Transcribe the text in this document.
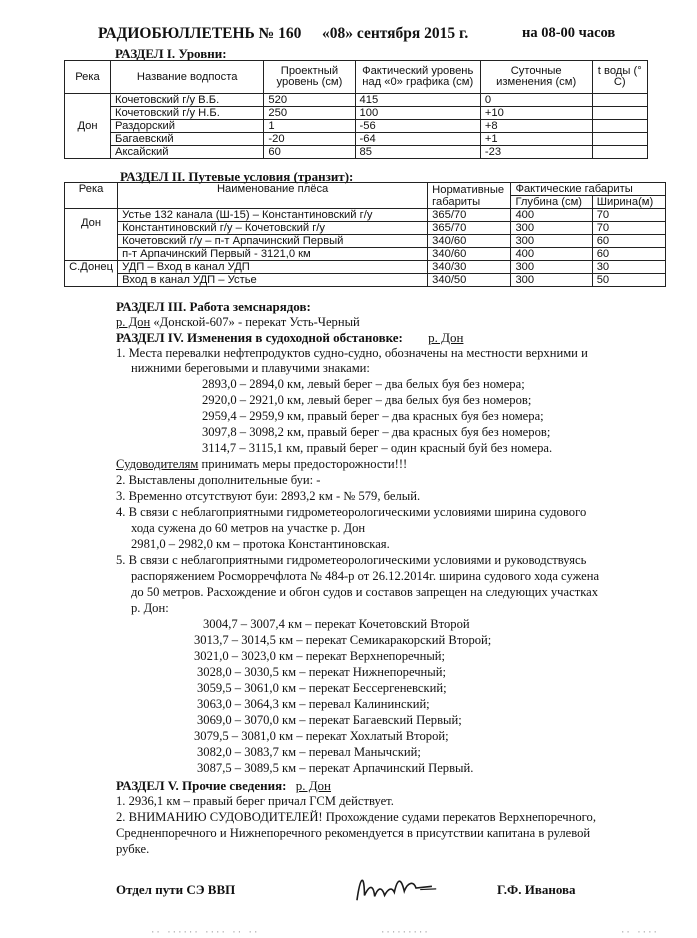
РАДИОБЮЛЛЕТЕНЬ № 160 «08» сентября 2015 г.	на 08-00 часов
РАЗДЕЛ I. Уровни:
Река	Название водпоста	Проектный уровень (см)	Фактический уровень над «0» графика (см)	Суточные изменения (см)	t воды (° С)
Дон	Кочетовский г/у В.Б.	520	415	0	
	Кочетовский г/у Н.Б.	250	100	+10	
	Раздорский	1	-56	+8	
	Багаевский	-20	-64	+1	
	Аксайский	60	85	-23	
РАЗДЕЛ II. Путевые условия (транзит):
Река	Наименование плёса	Нормативные габариты	Фактические габариты	
			Глубина (см)	Ширина(м)
Дон	Устье 132 канала (Ш-15) – Константиновский г/у	365/70	400	70
	Константиновский г/у – Кочетовский г/у	365/70	300	70
	Кочетовский г/у – п-т Арпачинский Первый	340/60	300	60
	п-т Арпачинский Первый - 3121,0 км	340/60	400	60
С.Донец	УДП – Вход в канал УДП	340/30	300	30
	Вход в канал УДП – Устье	340/50	300	50
РАЗДЕЛ III. Работа земснарядов:
р. Дон «Донской-607» - перекат Усть-Черный
РАЗДЕЛ IV. Изменения в судоходной обстановке: р. Дон
1. Места перевалки нефтепродуктов судно-судно, обозначены на местности верхними и
нижними береговыми и плавучими знаками:
2893,0 – 2894,0 км, левый берег – два белых буя без номера;
2920,0 – 2921,0 км, левый берег – два белых буя без номеров;
2959,4 – 2959,9 км, правый берег – два красных буя без номера;
3097,8 – 3098,2 км, правый берег – два красных буя без номеров;
3114,7 – 3115,1 км, правый берег – один красный буй без номера.
Судоводителям принимать меры предосторожности!!!
2. Выставлены дополнительные буи: -
3. Временно отсутствуют буи: 2893,2 км - № 579, белый.
4. В связи с неблагоприятными гидрометеорологическими условиями ширина судового
хода сужена до 60 метров на участке р. Дон
2981,0 – 2982,0 км – протока Константиновская.
5. В связи с неблагоприятными гидрометеорологическими условиями и руководствуясь
распоряжением Росморречфлота № 484-р от 26.12.2014г. ширина судового хода сужена
до 50 метров. Расхождение и обгон судов и составов запрещен на следующих участках
р. Дон:
3004,7 – 3007,4 км – перекат Кочетовский Второй
3013,7 – 3014,5 км – перекат Семикаракорский Второй;
3021,0 – 3023,0 км – перекат Верхнепоречный;
3028,0 – 3030,5 км – перекат Нижнепоречный;
3059,5 – 3061,0 км – перекат Бессергеневский;
3063,0 – 3064,3 км – перевал Калининский;
3069,0 – 3070,0 км – перекат Багаевский Первый;
3079,5 – 3081,0 км – перекат Хохлатый Второй;
3082,0 – 3083,7 км – перевал Манычский;
3087,5 – 3089,5 км – перекат Арпачинский Первый.
РАЗДЕЛ V. Прочие сведения: р. Дон
1. 2936,1 км – правый берег причал ГСМ действует.
2. ВНИМАНИЮ СУДОВОДИТЕЛЕЙ! Прохождение судами перекатов Верхнепоречного,
Средненпоречного и Нижнепоречного рекомендуется в присутствии капитана в рулевой
рубке.
Отдел пути СЭ ВВП	Г.Ф. Иванова
·· ······ ···· ·· ··	·········	·· ····
